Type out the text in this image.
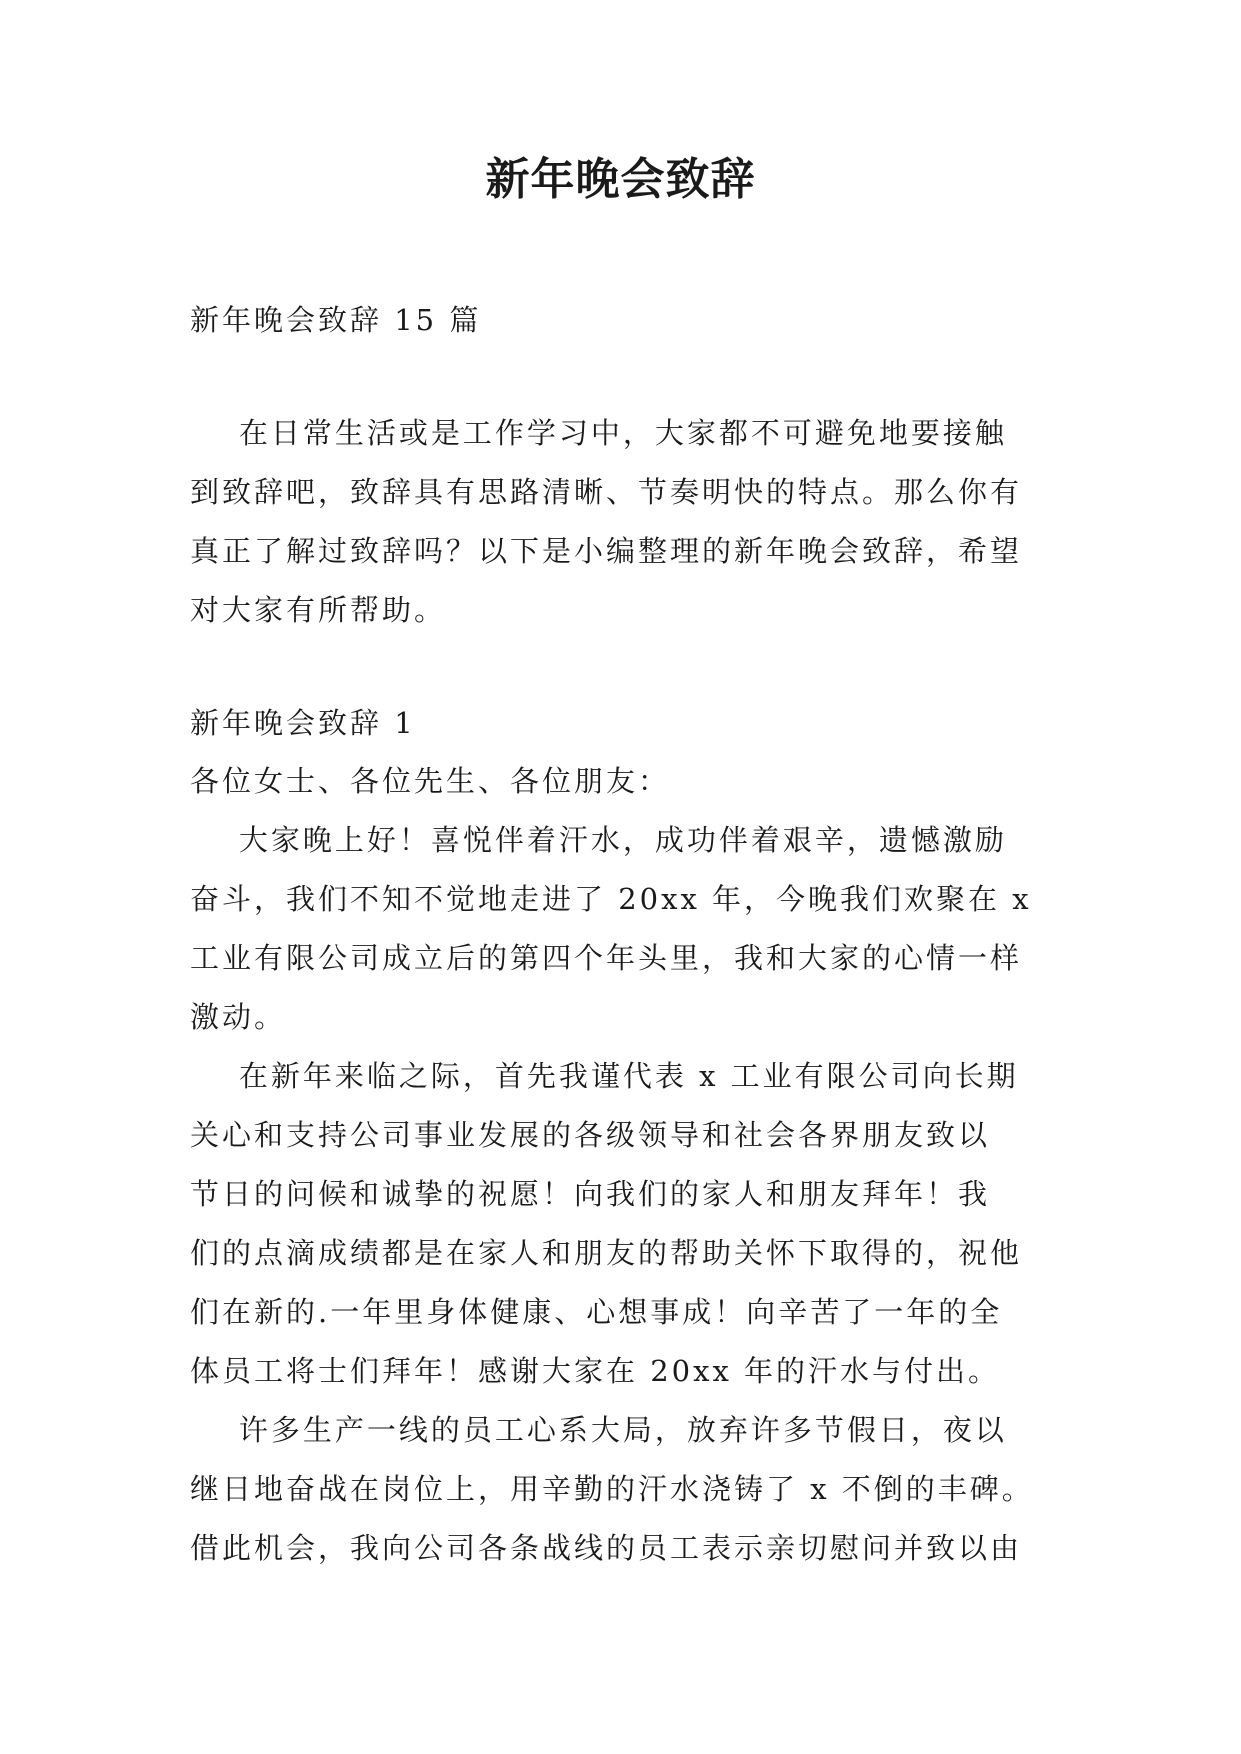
新年晚会致辞
新年晚会致辞 15 篇
在日常生活或是工作学习中，大家都不可避免地要接触
到致辞吧，致辞具有思路清晰、节奏明快的特点。那么你有
真正了解过致辞吗？以下是小编整理的新年晚会致辞，希望
对大家有所帮助。
新年晚会致辞 1
各位女士、各位先生、各位朋友：
大家晚上好！喜悦伴着汗水，成功伴着艰辛，遗憾激励
奋斗，我们不知不觉地走进了 20xx 年，今晚我们欢聚在 x
工业有限公司成立后的第四个年头里，我和大家的心情一样
激动。
在新年来临之际，首先我谨代表 x 工业有限公司向长期
关心和支持公司事业发展的各级领导和社会各界朋友致以
节日的问候和诚挚的祝愿！向我们的家人和朋友拜年！我
们的点滴成绩都是在家人和朋友的帮助关怀下取得的，祝他
们在新的.一年里身体健康、心想事成！向辛苦了一年的全
体员工将士们拜年！感谢大家在 20xx 年的汗水与付出。
许多生产一线的员工心系大局，放弃许多节假日，夜以
继日地奋战在岗位上，用辛勤的汗水浇铸了 x 不倒的丰碑。
借此机会，我向公司各条战线的员工表示亲切慰问并致以由
